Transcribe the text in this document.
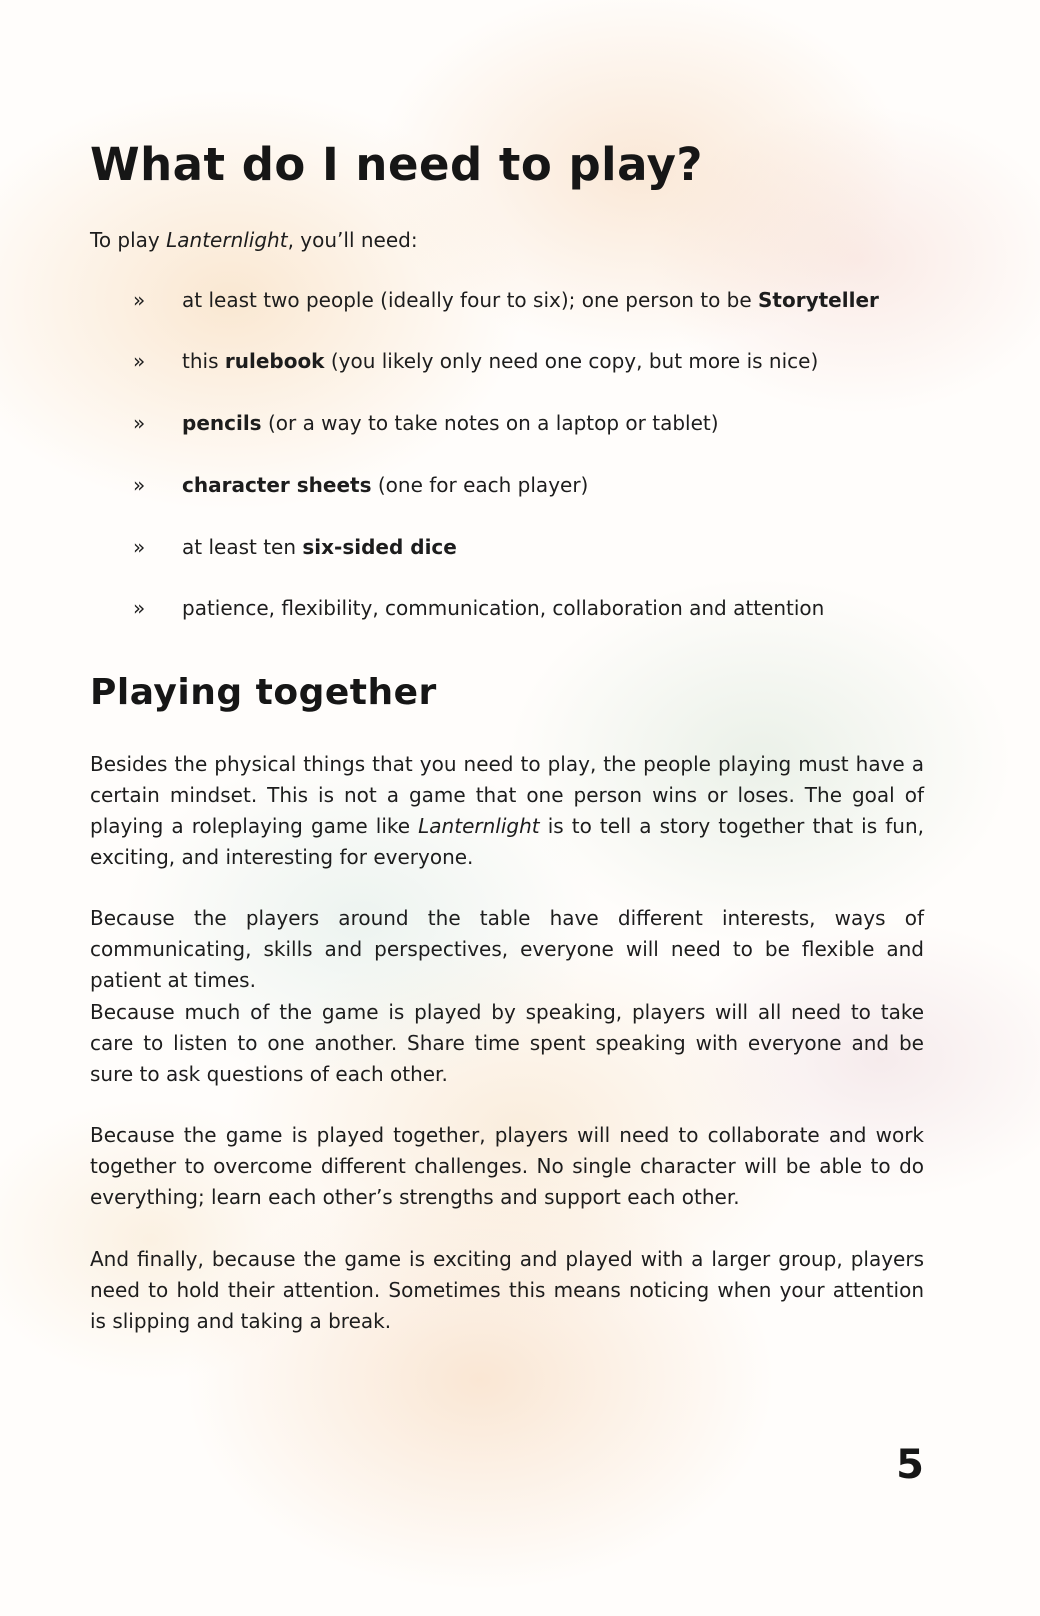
What do I need to play?

To play Lanternlight, you’ll need:

» at least two people (ideally four to six); one person to be Storyteller
» this rulebook (you likely only need one copy, but more is nice)
» pencils (or a way to take notes on a laptop or tablet)
» character sheets (one for each player)
» at least ten six-sided dice
» patience, flexibility, communication, collaboration and attention
Playing together

Besides the physical things that you need to play, the people playing must have a certain mindset. This is not a game that one person wins or loses. The goal of playing a roleplaying game like Lanternlight is to tell a story together that is fun, exciting, and interesting for everyone.

Because the players around the table have different interests, ways of communicating, skills and perspectives, everyone will need to be flexible and patient at times.

Because much of the game is played by speaking, players will all need to take care to listen to one another. Share time spent speaking with everyone and be sure to ask questions of each other.

Because the game is played together, players will need to collaborate and work together to overcome different challenges. No single character will be able to do everything; learn each other’s strengths and support each other.

And finally, because the game is exciting and played with a larger group, players need to hold their attention. Sometimes this means noticing when your attention is slipping and taking a break.

5
